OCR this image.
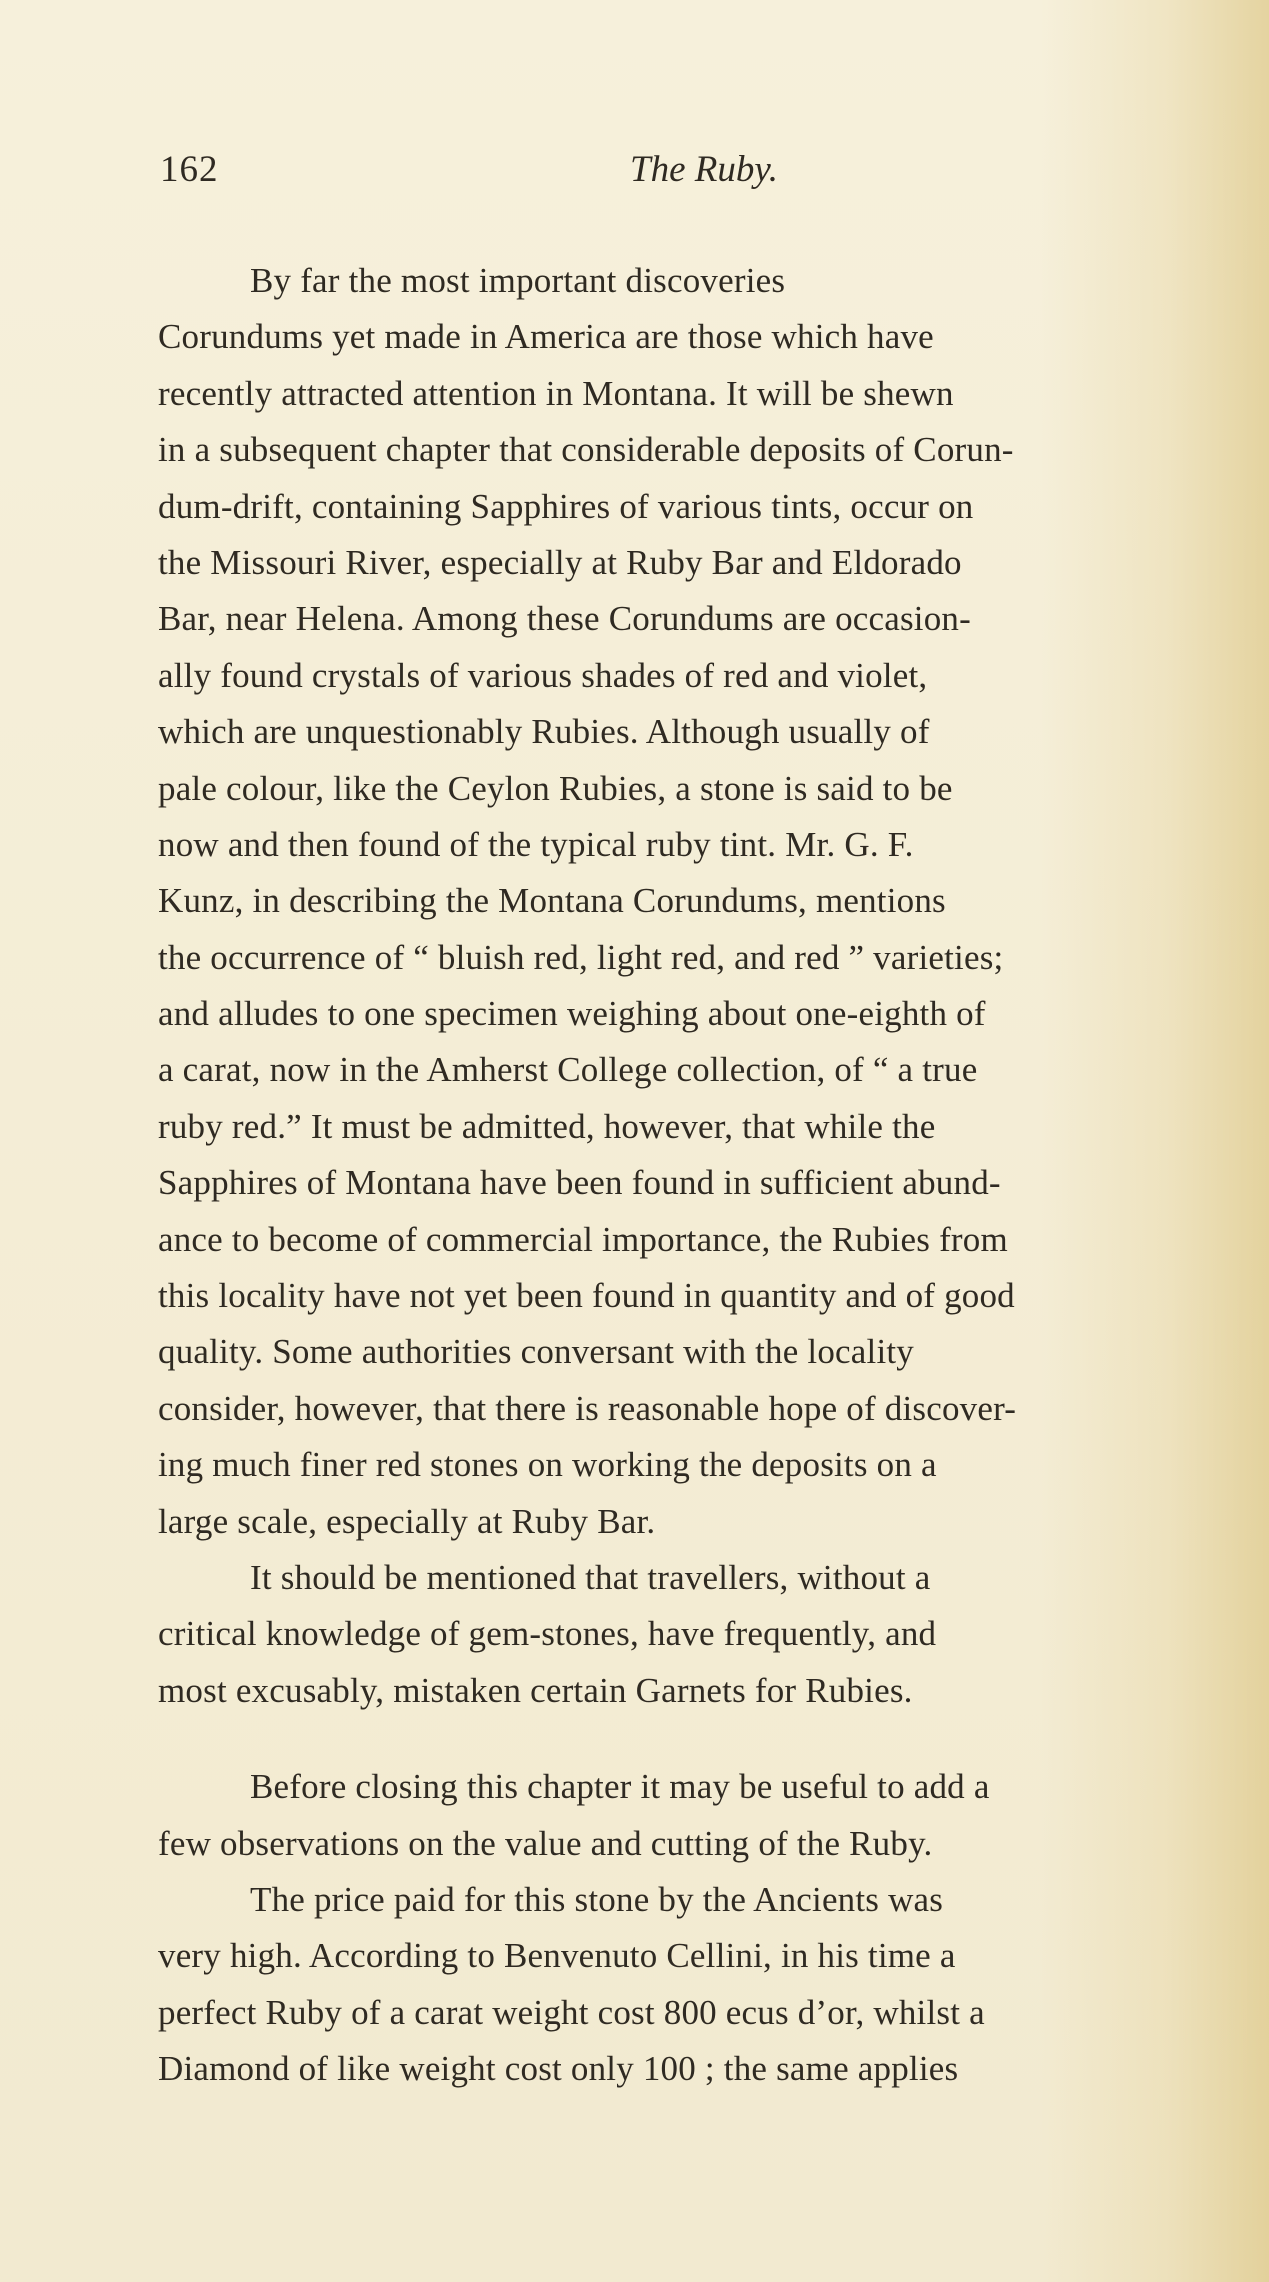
162	The Ruby.
By far the most important discoveries
Corundums yet made in America are those which have
recently attracted attention in Montana. It will be shewn
in a subsequent chapter that considerable deposits of Corun-
dum-drift, containing Sapphires of various tints, occur on
the Missouri River, especially at Ruby Bar and Eldorado
Bar, near Helena. Among these Corundums are occasion-
ally found crystals of various shades of red and violet,
which are unquestionably Rubies. Although usually of
pale colour, like the Ceylon Rubies, a stone is said to be
now and then found of the typical ruby tint. Mr. G. F.
Kunz, in describing the Montana Corundums, mentions
the occurrence of “ bluish red, light red, and red ” varieties;
and alludes to one specimen weighing about one-eighth of
a carat, now in the Amherst College collection, of “ a true
ruby red.” It must be admitted, however, that while the
Sapphires of Montana have been found in sufficient abund-
ance to become of commercial importance, the Rubies from
this locality have not yet been found in quantity and of good
quality. Some authorities conversant with the locality
consider, however, that there is reasonable hope of discover-
ing much finer red stones on working the deposits on a
large scale, especially at Ruby Bar.
It should be mentioned that travellers, without a
critical knowledge of gem-stones, have frequently, and
most excusably, mistaken certain Garnets for Rubies.
Before closing this chapter it may be useful to add a
few observations on the value and cutting of the Ruby.
The price paid for this stone by the Ancients was
very high. According to Benvenuto Cellini, in his time a
perfect Ruby of a carat weight cost 800 ecus d’or, whilst a
Diamond of like weight cost only 100 ; the same applies
